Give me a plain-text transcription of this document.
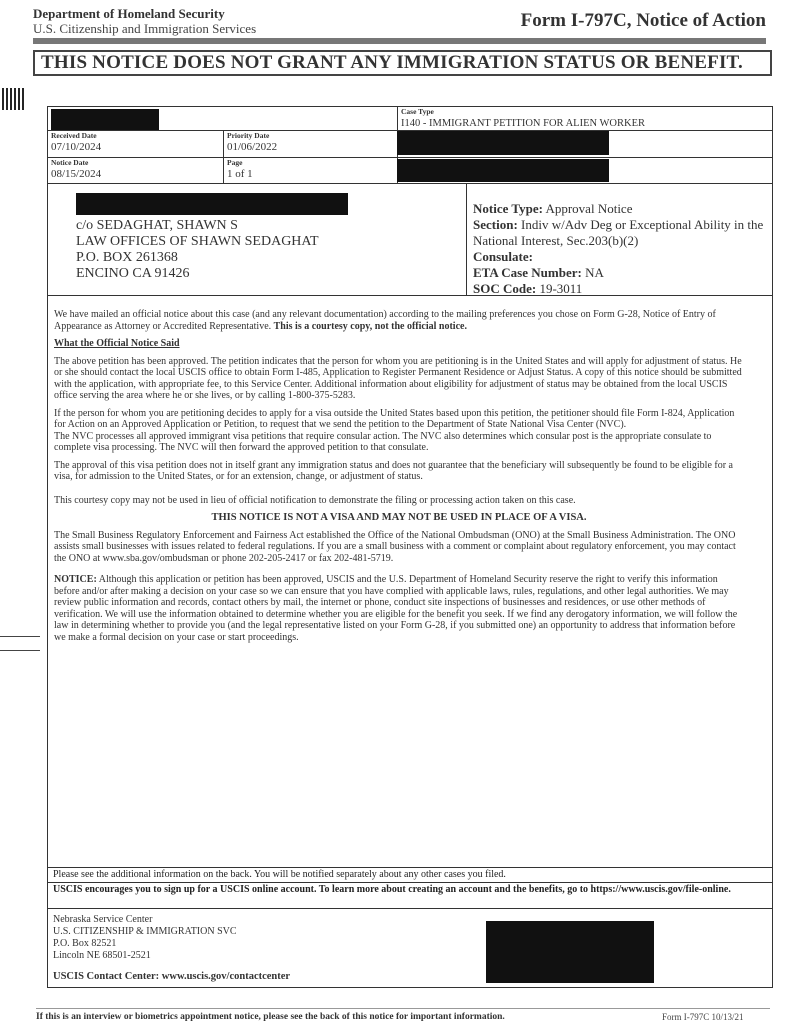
Department of Homeland Security
U.S. Citizenship and Immigration Services	Form I-797C, Notice of Action
THIS NOTICE DOES NOT GRANT ANY IMMIGRATION STATUS OR BENEFIT.
Case Type
I140 - IMMIGRANT PETITION FOR ALIEN WORKER
Received Date
07/10/2024
Priority Date
01/06/2022
Notice Date
08/15/2024
Page
1 of 1
c/o SEDAGHAT, SHAWN S
LAW OFFICES OF SHAWN SEDAGHAT
P.O. BOX 261368
ENCINO CA 91426
Notice Type: Approval Notice
Section: Indiv w/Adv Deg or Exceptional Ability in the National Interest, Sec.203(b)(2)
Consulate:
ETA Case Number: NA
SOC Code: 19-3011

We have mailed an official notice about this case (and any relevant documentation) according to the mailing preferences you chose on Form G-28, Notice of Entry of Appearance as Attorney or Accredited Representative. This is a courtesy copy, not the official notice.

What the Official Notice Said

The above petition has been approved. The petition indicates that the person for whom you are petitioning is in the United States and will apply for adjustment of status. He or she should contact the local USCIS office to obtain Form I-485, Application to Register Permanent Residence or Adjust Status. A copy of this notice should be submitted with the application, with appropriate fee, to this Service Center. Additional information about eligibility for adjustment of status may be obtained from the local USCIS office serving the area where he or she lives, or by calling 1-800-375-5283.

If the person for whom you are petitioning decides to apply for a visa outside the United States based upon this petition, the petitioner should file Form I-824, Application for Action on an Approved Application or Petition, to request that we send the petition to the Department of State National Visa Center (NVC).

The NVC processes all approved immigrant visa petitions that require consular action. The NVC also determines which consular post is the appropriate consulate to complete visa processing. The NVC will then forward the approved petition to that consulate.

The approval of this visa petition does not in itself grant any immigration status and does not guarantee that the beneficiary will subsequently be found to be eligible for a visa, for admission to the United States, or for an extension, change, or adjustment of status.

This courtesy copy may not be used in lieu of official notification to demonstrate the filing or processing action taken on this case.

THIS NOTICE IS NOT A VISA AND MAY NOT BE USED IN PLACE OF A VISA.

The Small Business Regulatory Enforcement and Fairness Act established the Office of the National Ombudsman (ONO) at the Small Business Administration. The ONO assists small businesses with issues related to federal regulations. If you are a small business with a comment or complaint about regulatory enforcement, you may contact the ONO at www.sba.gov/ombudsman or phone 202-205-2417 or fax 202-481-5719.

NOTICE: Although this application or petition has been approved, USCIS and the U.S. Department of Homeland Security reserve the right to verify this information before and/or after making a decision on your case so we can ensure that you have complied with applicable laws, rules, regulations, and other legal authorities. We may review public information and records, contact others by mail, the internet or phone, conduct site inspections of businesses and residences, or use other methods of verification. We will use the information obtained to determine whether you are eligible for the benefit you seek. If we find any derogatory information, we will follow the law in determining whether to provide you (and the legal representative listed on your Form G-28, if you submitted one) an opportunity to address that information before we make a formal decision on your case or start proceedings.

Please see the additional information on the back. You will be notified separately about any other cases you filed.
USCIS encourages you to sign up for a USCIS online account. To learn more about creating an account and the benefits, go to https://www.uscis.gov/file-online.
Nebraska Service Center
U.S. CITIZENSHIP & IMMIGRATION SVC
P.O. Box 82521
Lincoln NE 68501-2521
USCIS Contact Center: www.uscis.gov/contactcenter
If this is an interview or biometrics appointment notice, please see the back of this notice for important information.	Form I-797C 10/13/21
